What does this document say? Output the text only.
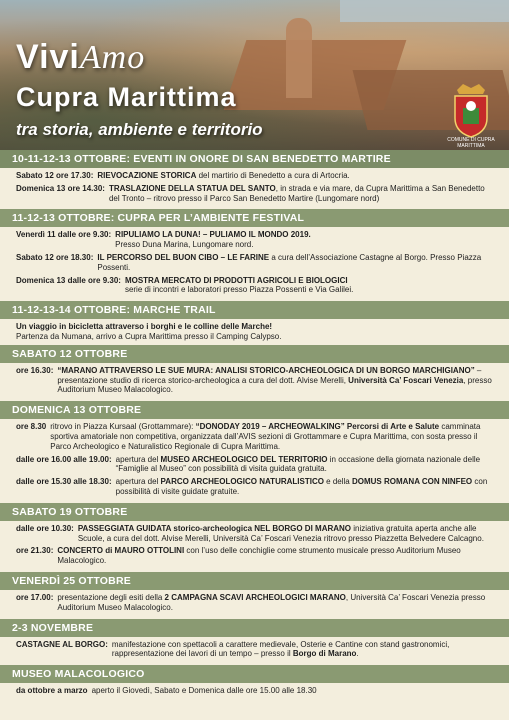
ViviAmo
Cupra Marittima
tra storia, ambiente e territorio
COMUNE DI CUPRA MARITTIMA
10-11-12-13 OTTOBRE: EVENTI IN ONORE DI SAN BENEDETTO MARTIRE
Sabato 12 ore 17.30: RIEVOCAZIONE STORICA del martirio di Benedetto a cura di Artocria.
Domenica 13 ore 14.30: TRASLAZIONE DELLA STATUA DEL SANTO, in strada e via mare, da Cupra Marittima a San Benedetto del Tronto – ritrovo presso il Parco San Benedetto Martire (Lungomare nord)
11-12-13 OTTOBRE: CUPRA PER L’AMBIENTE FESTIVAL
Venerdì 11 dalle ore 9.30: RIPULIAMO LA DUNA! – PULIAMO IL MONDO 2019.
Presso Duna Marina, Lungomare nord.
Sabato 12 ore 18.30: IL PERCORSO DEL BUON CIBO – LE FARINE a cura dell’Associazione Castagne al Borgo. Presso Piazza Possenti.
Domenica 13 dalle ore 9.30: MOSTRA MERCATO DI PRODOTTI AGRICOLI E BIOLOGICI
serie di incontri e laboratori presso Piazza Possenti e Via Galilei.
11-12-13-14 OTTOBRE: MARCHE TRAIL
Un viaggio in bicicletta attraverso i borghi e le colline delle Marche!
Partenza da Numana, arrivo a Cupra Marittima presso il Camping Calypso.
SABATO 12 OTTOBRE
ore 16.30: “MARANO ATTRAVERSO LE SUE MURA: ANALISI STORICO-ARCHEOLOGICA DI UN BORGO MARCHIGIANO” – presentazione studio di ricerca storico-archeologica a cura del dott. Alvise Merelli, Università Ca’ Foscari Venezia, presso Auditorium Museo Malacologico.
DOMENICA 13 OTTOBRE
ore 8.30 ritrovo in Piazza Kursaal (Grottammare): “DONODAY 2019 – ARCHEOWALKING” Percorsi di Arte e Salute camminata sportiva amatoriale non competitiva, organizzata dall’AVIS sezioni di Grottammare e Cupra Marittima, con sosta presso il Parco Archeologico e Naturalistico Regionale di Cupra Marittima.
dalle ore 16.00 alle 19.00: apertura del MUSEO ARCHEOLOGICO DEL TERRITORIO in occasione della giornata nazionale delle “Famiglie al Museo” con possibilità di visita guidata gratuita.
dalle ore 15.30 alle 18.30: apertura del PARCO ARCHEOLOGICO NATURALISTICO e della DOMUS ROMANA CON NINFEO con possibilità di visite guidate gratuite.
SABATO 19 OTTOBRE
dalle ore 10.30: PASSEGGIATA GUIDATA storico-archeologica NEL BORGO DI MARANO iniziativa gratuita aperta anche alle Scuole, a cura del dott. Alvise Merelli, Università Ca’ Foscari Venezia ritrovo presso Piazzetta Belvedere Calcagno.
ore 21.30: CONCERTO di MAURO OTTOLINI con l’uso delle conchiglie come strumento musicale presso Auditorium Museo Malacologico.
VENERDÌ 25 OTTOBRE
ore 17.00: presentazione degli esiti della 2 CAMPAGNA SCAVI ARCHEOLOGICI MARANO, Università Ca’ Foscari Venezia presso Auditorium Museo Malacologico.
2-3 NOVEMBRE
CASTAGNE AL BORGO: manifestazione con spettacoli a carattere medievale, Osterie e Cantine con stand gastronomici, rappresentazione dei lavori di un tempo – presso il Borgo di Marano.
MUSEO MALACOLOGICO
da ottobre a marzo aperto il Giovedì, Sabato e Domenica dalle ore 15.00 alle 18.30
